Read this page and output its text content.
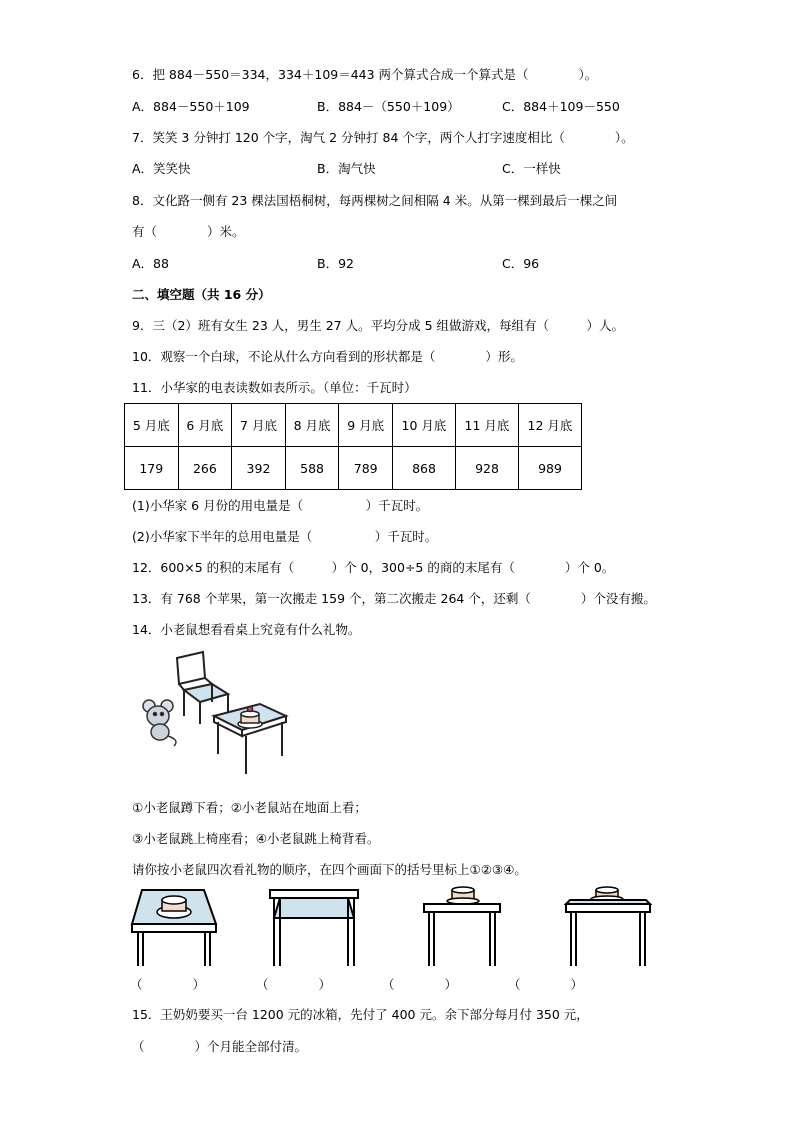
6．把 884－550＝334，334＋109＝443 两个算式合成一个算式是（　　　　）。
A．884－550＋109	B．884－（550＋109）	C．884＋109－550
7．笑笑 3 分钟打 120 个字，淘气 2 分钟打 84 个字，两个人打字速度相比（　　　　）。
A．笑笑快	B．淘气快	C．一样快
8．文化路一侧有 23 棵法国梧桐树，每两棵树之间相隔 4 米。从第一棵到最后一棵之间
有（　　　　）米。
A．88	B．92	C．96
二、填空题（共 16 分）
9．三（2）班有女生 23 人，男生 27 人。平均分成 5 组做游戏，每组有（　　　）人。
10．观察一个白球，不论从什么方向看到的形状都是（　　　　）形。
11．小华家的电表读数如表所示。（单位：千瓦时）
5 月底	6 月底	7 月底	8 月底	9 月底	10 月底	11 月底	12 月底
179	266	392	588	789	868	928	989
(1)小华家 6 月份的用电量是（　　　　　）千瓦时。
(2)小华家下半年的总用电量是（　　　　　）千瓦时。
12．600×5 的积的末尾有（　　　）个 0，300÷5 的商的末尾有（　　　　）个 0。
13．有 768 个苹果，第一次搬走 159 个，第二次搬走 264 个，还剩（　　　　）个没有搬。
14．小老鼠想看看桌上究竟有什么礼物。
①小老鼠蹲下看；②小老鼠站在地面上看；
③小老鼠跳上椅座看；④小老鼠跳上椅背看。
请你按小老鼠四次看礼物的顺序，在四个画面下的括号里标上①②③④。
（　　　　）	（　　　　）	（　　　　）	（　　　　）
15．王奶奶要买一台 1200 元的冰箱，先付了 400 元。余下部分每月付 350 元，
（　　　　）个月能全部付清。
